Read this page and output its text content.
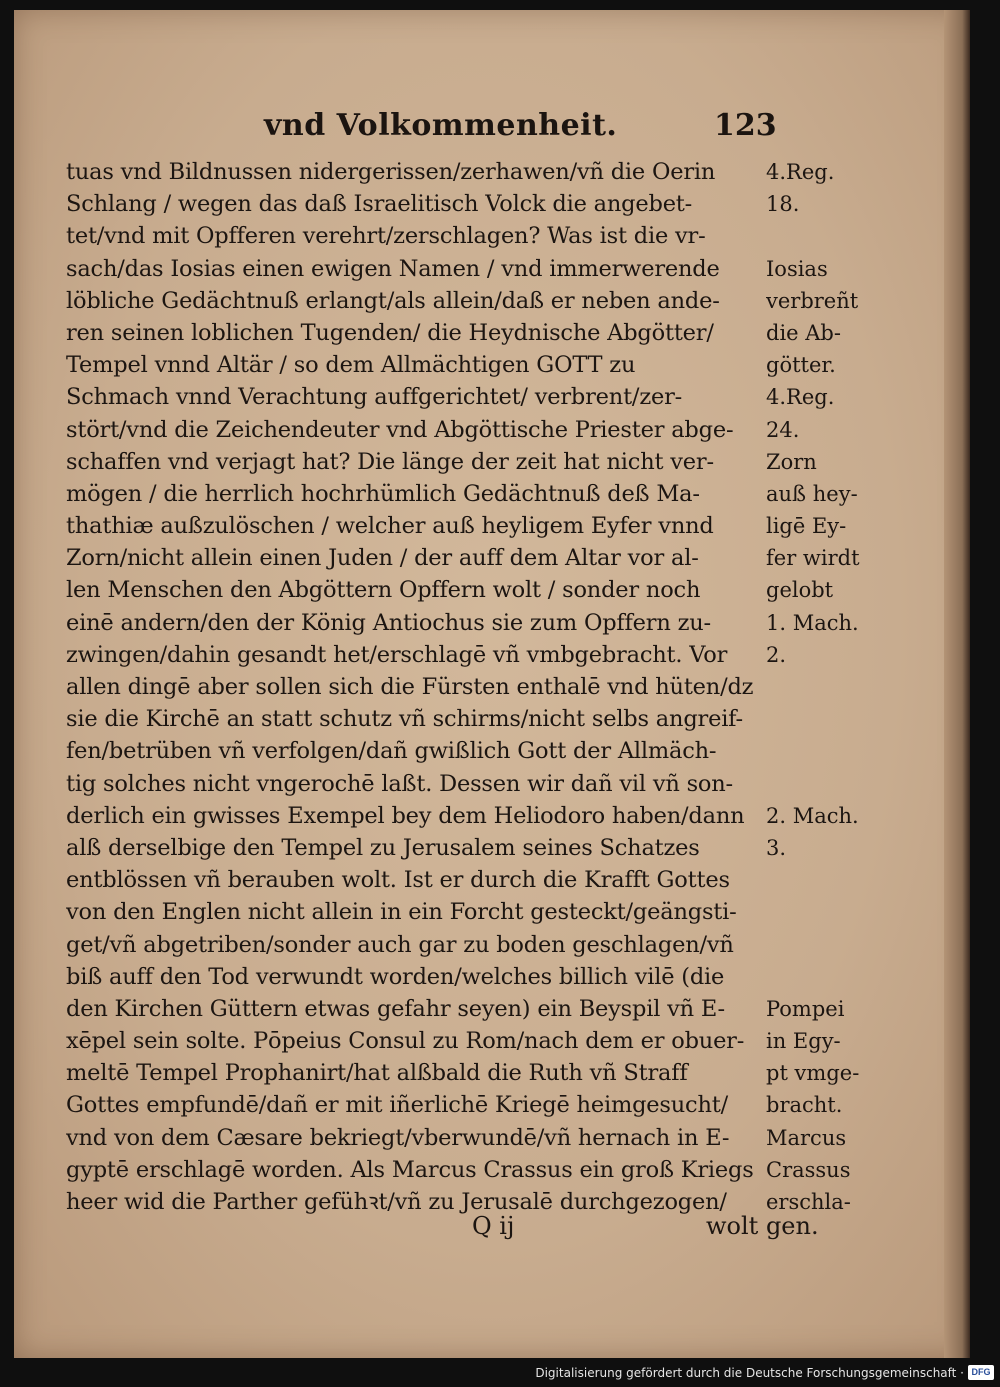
vnd Volkommenheit.	123
tuas vnd Bildnussen nidergerissen/zerhawen/vñ die Oerin
Schlang / wegen das daß Israelitisch Volck die angebet-
tet/vnd mit Opfferen verehrt/zerschlagen? Was ist die vr-
sach/das Iosias einen ewigen Namen / vnd immerwerende
löbliche Gedächtnuß erlangt/als allein/daß er neben ande-
ren seinen loblichen Tugenden/ die Heydnische Abgötter/
Tempel vnnd Altär / so dem Allmächtigen GOTT zu
Schmach vnnd Verachtung auffgerichtet/ verbrent/zer-
stört/vnd die Zeichendeuter vnd Abgöttische Priester abge-
schaffen vnd verjagt hat? Die länge der zeit hat nicht ver-
mögen / die herrlich hochrhümlich Gedächtnuß deß Ma-
thathiæ außzulöschen / welcher auß heyligem Eyfer vnnd
Zorn/nicht allein einen Juden / der auff dem Altar vor al-
len Menschen den Abgöttern Opffern wolt / sonder noch
einē andern/den der König Antiochus sie zum Opffern zu-
zwingen/dahin gesandt het/erschlagē vñ vmbgebracht. Vor
allen dingē aber sollen sich die Fürsten enthalē vnd hüten/dz
sie die Kirchē an statt schutz vñ schirms/nicht selbs angreif-
fen/betrüben vñ verfolgen/dañ gwißlich Gott der Allmäch-
tig solches nicht vngerochē laßt. Dessen wir dañ vil vñ son-
derlich ein gwisses Exempel bey dem Heliodoro haben/dann
alß derselbige den Tempel zu Jerusalem seines Schatzes
entblössen vñ berauben wolt. Ist er durch die Krafft Gottes
von den Englen nicht allein in ein Forcht gesteckt/geängsti-
get/vñ abgetriben/sonder auch gar zu boden geschlagen/vñ
biß auff den Tod verwundt worden/welches billich vilē (die
den Kirchen Güttern etwas gefahr seyen) ein Beyspil vñ E-
xēpel sein solte. Pōpeius Consul zu Rom/nach dem er obuer-
meltē Tempel Prophanirt/hat alßbald die Ruth vñ Straff
Gottes empfundē/dañ er mit iñerlichē Kriegē heimgesucht/
vnd von dem Cæsare bekriegt/vberwundē/vñ hernach in E-
gyptē erschlagē worden. Als Marcus Crassus ein groß Kriegs
heer wid die Parther gefühꝛt/vñ zu Jerusalē durchgezogen/
4.Reg.
18.
Iosias
verbreñt
die Ab-
götter.
4.Reg.
24.
Zorn
auß hey-
ligē Ey-
fer wirdt
gelobt
1. Mach.
2.
2. Mach.
3.
Pompei
in Egy-
pt vmge-
bracht.
Marcus
Crassus
erschla-
Q ij	wolt gen.
Digitalisierung gefördert durch die Deutsche Forschungsgemeinschaft · DFG
